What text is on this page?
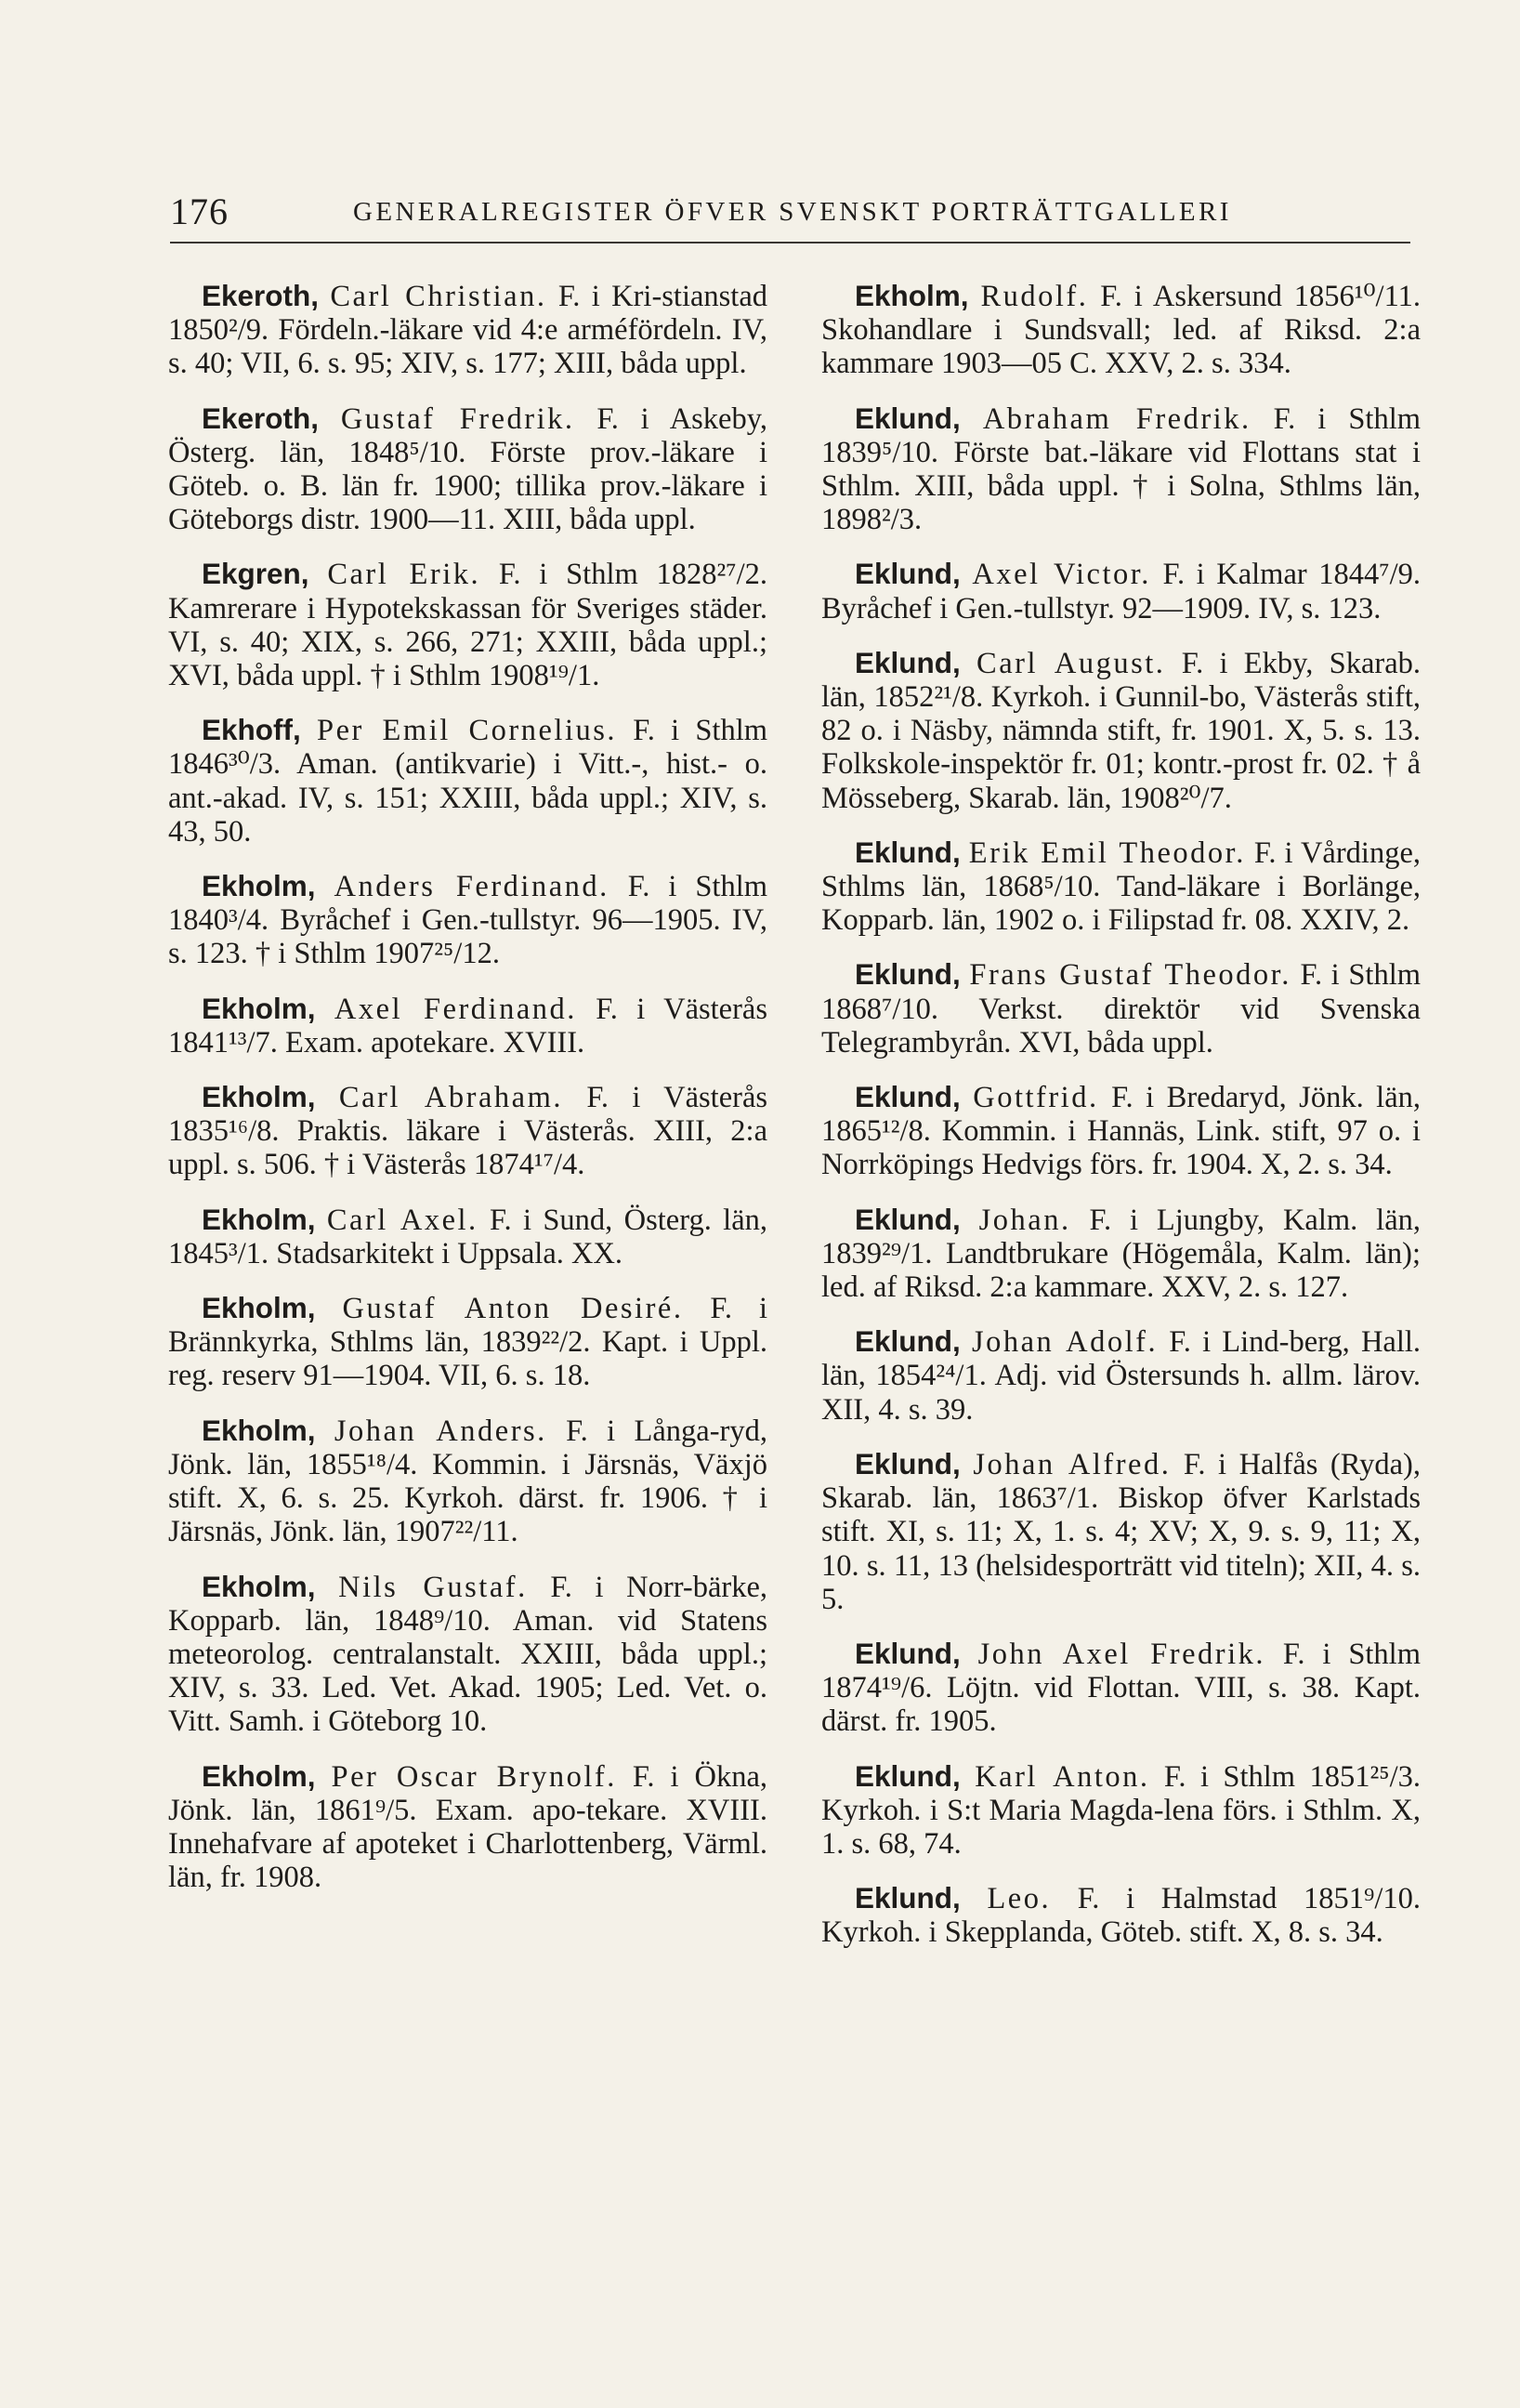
176	GENERALREGISTER ÖFVER SVENSKT PORTRÄTTGALLERI

Ekeroth, Carl Christian. F. i Kri-stianstad 1850²/9. Fördeln.-läkare vid 4:e arméfördeln. IV, s. 40; VII, 6. s. 95; XIV, s. 177; XIII, båda uppl.

Ekeroth, Gustaf Fredrik. F. i Askeby, Österg. län, 1848⁵/10. Förste prov.-läkare i Göteb. o. B. län fr. 1900; tillika prov.-läkare i Göteborgs distr. 1900—11. XIII, båda uppl.

Ekgren, Carl Erik. F. i Sthlm 1828²⁷/2. Kamrerare i Hypotekskassan för Sveriges städer. VI, s. 40; XIX, s. 266, 271; XXIII, båda uppl.; XVI, båda uppl. † i Sthlm 1908¹⁹/1.

Ekhoff, Per Emil Cornelius. F. i Sthlm 1846³⁰/3. Aman. (antikvarie) i Vitt.-, hist.- o. ant.-akad. IV, s. 151; XXIII, båda uppl.; XIV, s. 43, 50.

Ekholm, Anders Ferdinand. F. i Sthlm 1840³/4. Byråchef i Gen.-tullstyr. 96—1905. IV, s. 123. † i Sthlm 1907²⁵/12.

Ekholm, Axel Ferdinand. F. i Västerås 1841¹³/7. Exam. apotekare. XVIII.

Ekholm, Carl Abraham. F. i Västerås 1835¹⁶/8. Praktis. läkare i Västerås. XIII, 2:a uppl. s. 506. † i Västerås 1874¹⁷/4.

Ekholm, Carl Axel. F. i Sund, Österg. län, 1845³/1. Stadsarkitekt i Uppsala. XX.

Ekholm, Gustaf Anton Desiré. F. i Brännkyrka, Sthlms län, 1839²²/2. Kapt. i Uppl. reg. reserv 91—1904. VII, 6. s. 18.

Ekholm, Johan Anders. F. i Långa-ryd, Jönk. län, 1855¹⁸/4. Kommin. i Järsnäs, Växjö stift. X, 6. s. 25. Kyrkoh. därst. fr. 1906. † i Järsnäs, Jönk. län, 1907²²/11.

Ekholm, Nils Gustaf. F. i Norr-bärke, Kopparb. län, 1848⁹/10. Aman. vid Statens meteorolog. centralanstalt. XXIII, båda uppl.; XIV, s. 33. Led. Vet. Akad. 1905; Led. Vet. o. Vitt. Samh. i Göteborg 10.

Ekholm, Per Oscar Brynolf. F. i Ökna, Jönk. län, 1861⁹/5. Exam. apo-tekare. XVIII. Innehafvare af apoteket i Charlottenberg, Värml. län, fr. 1908.

Ekholm, Rudolf. F. i Askersund 1856¹⁰/11. Skohandlare i Sundsvall; led. af Riksd. 2:a kammare 1903—05 C. XXV, 2. s. 334.

Eklund, Abraham Fredrik. F. i Sthlm 1839⁵/10. Förste bat.-läkare vid Flottans stat i Sthlm. XIII, båda uppl. † i Solna, Sthlms län, 1898²/3.

Eklund, Axel Victor. F. i Kalmar 1844⁷/9. Byråchef i Gen.-tullstyr. 92—1909. IV, s. 123.

Eklund, Carl August. F. i Ekby, Skarab. län, 1852²¹/8. Kyrkoh. i Gunnil-bo, Västerås stift, 82 o. i Näsby, nämnda stift, fr. 1901. X, 5. s. 13. Folkskole-inspektör fr. 01; kontr.-prost fr. 02. † å Mösseberg, Skarab. län, 1908²⁰/7.

Eklund, Erik Emil Theodor. F. i Vårdinge, Sthlms län, 1868⁵/10. Tand-läkare i Borlänge, Kopparb. län, 1902 o. i Filipstad fr. 08. XXIV, 2.

Eklund, Frans Gustaf Theodor. F. i Sthlm 1868⁷/10. Verkst. direktör vid Svenska Telegrambyrån. XVI, båda uppl.

Eklund, Gottfrid. F. i Bredaryd, Jönk. län, 1865¹²/8. Kommin. i Hannäs, Link. stift, 97 o. i Norrköpings Hedvigs förs. fr. 1904. X, 2. s. 34.

Eklund, Johan. F. i Ljungby, Kalm. län, 1839²⁹/1. Landtbrukare (Högemåla, Kalm. län); led. af Riksd. 2:a kammare. XXV, 2. s. 127.

Eklund, Johan Adolf. F. i Lind-berg, Hall. län, 1854²⁴/1. Adj. vid Östersunds h. allm. lärov. XII, 4. s. 39.

Eklund, Johan Alfred. F. i Halfås (Ryda), Skarab. län, 1863⁷/1. Biskop öfver Karlstads stift. XI, s. 11; X, 1. s. 4; XV; X, 9. s. 9, 11; X, 10. s. 11, 13 (helsidesporträtt vid titeln); XII, 4. s. 5.

Eklund, John Axel Fredrik. F. i Sthlm 1874¹⁹/6. Löjtn. vid Flottan. VIII, s. 38. Kapt. därst. fr. 1905.

Eklund, Karl Anton. F. i Sthlm 1851²⁵/3. Kyrkoh. i S:t Maria Magda-lena förs. i Sthlm. X, 1. s. 68, 74.

Eklund, Leo. F. i Halmstad 1851⁹/10. Kyrkoh. i Skepplanda, Göteb. stift. X, 8. s. 34.
